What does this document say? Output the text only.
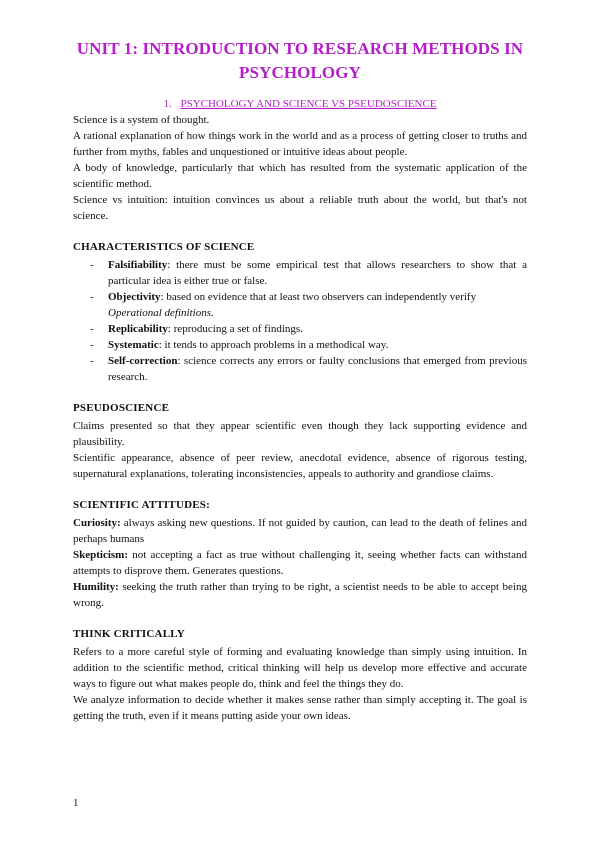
UNIT 1: INTRODUCTION TO RESEARCH METHODS IN PSYCHOLOGY
1. PSYCHOLOGY AND SCIENCE VS PSEUDOSCIENCE

Science is a system of thought.

A rational explanation of how things work in the world and as a process of getting closer to truths and further from myths, fables and unquestioned or intuitive ideas about people.

A body of knowledge, particularly that which has resulted from the systematic application of the scientific method.

Science vs intuition: intuition convinces us about a reliable truth about the world, but that's not science.

CHARACTERISTICS OF SCIENCE
- Falsifiability: there must be some empirical test that allows researchers to show that a particular idea is either true or false.
- Objectivity: based on evidence that at least two observers can independently verify
Operational definitions.
- Replicability: reproducing a set of findings.
- Systematic: it tends to approach problems in a methodical way.
- Self-correction: science corrects any errors or faulty conclusions that emerged from previous research.
PSEUDOSCIENCE

Claims presented so that they appear scientific even though they lack supporting evidence and plausibility.

Scientific appearance, absence of peer review, anecdotal evidence, absence of rigorous testing, supernatural explanations, tolerating inconsistencies, appeals to authority and grandiose claims.

SCIENTIFIC ATTITUDES:

Curiosity: always asking new questions. If not guided by caution, can lead to the death of felines and perhaps humans

Skepticism: not accepting a fact as true without challenging it, seeing whether facts can withstand attempts to disprove them. Generates questions.

Humility: seeking the truth rather than trying to be right, a scientist needs to be able to accept being wrong.

THINK CRITICALLY

Refers to a more careful style of forming and evaluating knowledge than simply using intuition. In addition to the scientific method, critical thinking will help us develop more effective and accurate ways to figure out what makes people do, think and feel the things they do.

We analyze information to decide whether it makes sense rather than simply accepting it. The goal is getting the truth, even if it means putting aside your own ideas.

1
